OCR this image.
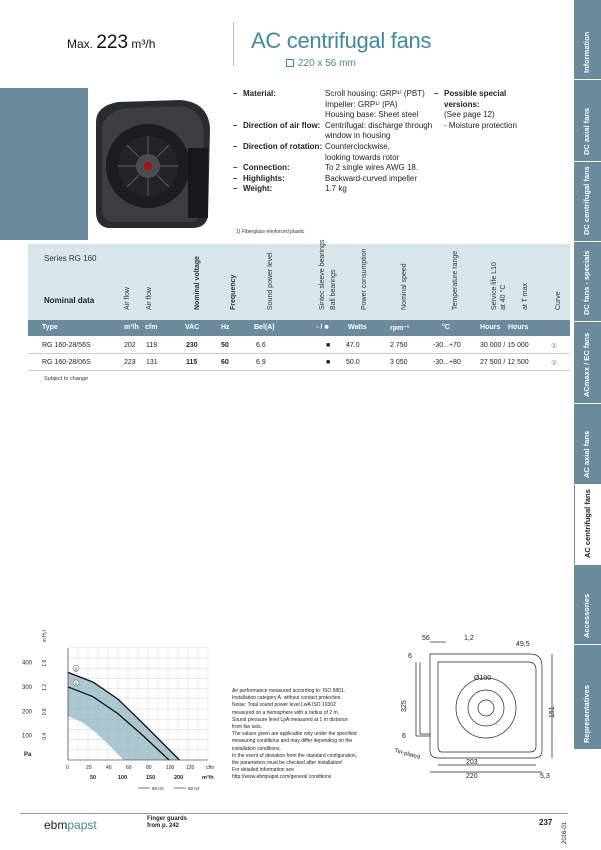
Max. 223 m³/h	AC centrifugal fans
220 x 56 mm
– Material:	Scroll housing: GRP¹⁾ (PBT)
Impeller: GRP¹⁾ (PA)
Housing base: Sheet steel
– Direction of air flow: Centrifugal: discharge through
window in housing
– Direction of rotation: Counterclockwise,
looking towards rotor
– Connection:	To 2 single wires AWG 18.
– Highlights:	Backward-curved impeller
– Weight:	1.7 kg
– Possible special versions:
(See page 12)
- Moisture protection
1) Fiberglass-reinforced plastic
Series RG 160
Nominal data	Air flow Air flow	Nominal voltage	Frequency	Sound power level	Sintec sleeve bearings Ball bearings	Power consumption	Nominal speed	Temperature range	Service life L10 at 40 °C at T max	Curve
Type	m³/h cfm	VAC	Hz	Bel(A)	▫ / ■	Watts	rpm⁻¹	°C	Hours Hours
RG 160-28/56S	202 119	230	50	6.6	■ 47.0	2 750	-30...+70	30 000 / 15 000	①
RG 160-28/06S	223 131	115	60	6.9	■ 50.0	3 050	-30...+80	27 500 / 12 500	②
Subject to change
1
2
100
200
300
400
0.4
0.8
1.2
1.6
in H₂O
Pa
0	20	40	60	80	100 120 cfm
50	100	150	200	m³/h
50 Hz	60 Hz
Air performance measured according to: ISO 5801.
Installation category A, without contact protection.
Noise: Total sound power level LwA ISO 10302
measured on a hemisphere with a radius of 2 m.
Sound pressure level LpA measured at 1 m distance
from fan axis.
The values given are applicable only under the specified
measuring conditions and may differ depending on the
installation conditions.
In the event of deviation from the standard configuration,
the parameters must be checked after installation!
For detailed information see
http://www.ebmpapst.com/general conditions
56	1,2
49,5
6
Ø100
325
151
6
203
220	5,3
Tin-plated
ebmpapst	Finger guards
from p. 242	237 2016-01
Information
DC axial fans
DC centrifugal fans
DC fans - specials
ACmaxx / EC fans
AC axial fans
AC centrifugal fans
Accessories
Representatives
